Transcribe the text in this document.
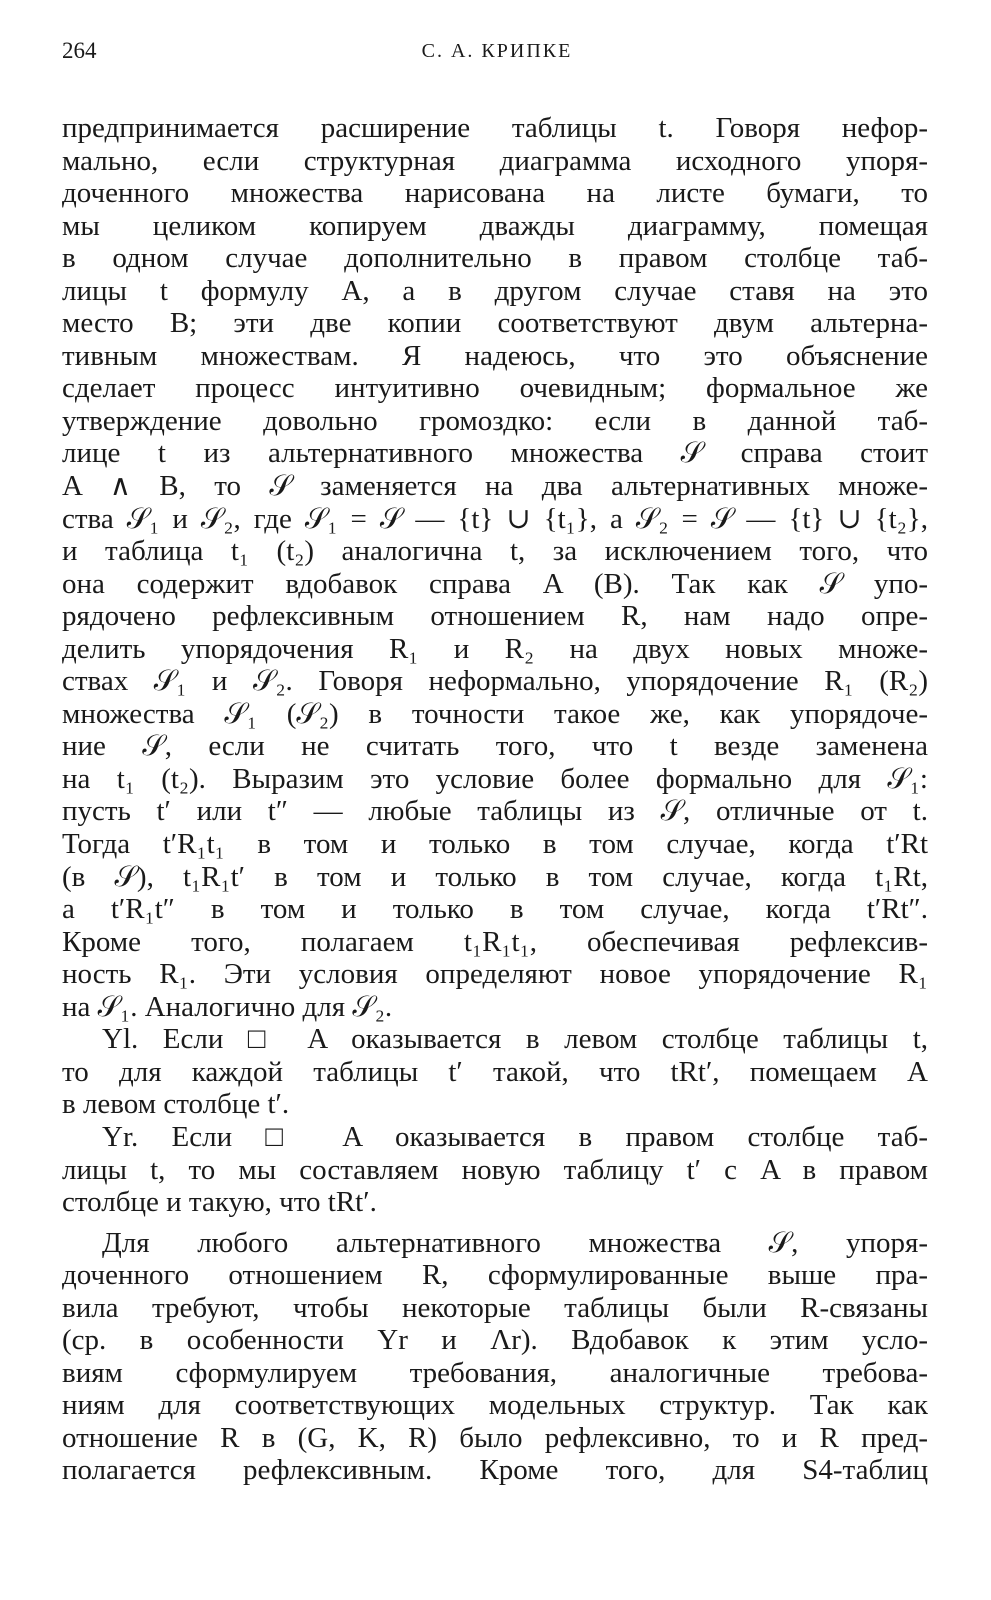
264	С. А. КРИПКЕ
предпринимается расширение таблицы t. Говоря нефор-
мально, если структурная диаграмма исходного упоря-
доченного множества нарисована на листе бумаги, то
мы целиком копируем дважды диаграмму, помещая
в одном случае дополнительно в правом столбце таб-
лицы t формулу A, а в другом случае ставя на это
место B; эти две копии соответствуют двум альтерна-
тивным множествам. Я надеюсь, что это объяснение
сделает процесс интуитивно очевидным; формальное же
утверждение довольно громоздко: если в данной таб-
лице t из альтернативного множества 𝒮 справа стоит
A ∧ B, то 𝒮 заменяется на два альтернативных множе-
ства 𝒮₁ и 𝒮₂, где 𝒮₁ = 𝒮 — {t} ∪ {t₁}, а 𝒮₂ = 𝒮 — {t} ∪ {t₂},
и таблица t₁ (t₂) аналогична t, за исключением того, что
она содержит вдобавок справа A (B). Так как 𝒮 упо-
рядочено рефлексивным отношением R, нам надо опре-
делить упорядочения R₁ и R₂ на двух новых множе-
ствах 𝒮₁ и 𝒮₂. Говоря неформально, упорядочение R₁ (R₂)
множества 𝒮₁ (𝒮₂) в точности такое же, как упорядоче-
ние 𝒮, если не считать того, что t везде заменена
на t₁ (t₂). Выразим это условие более формально для 𝒮₁:
пусть t′ или t″ — любые таблицы из 𝒮, отличные от t.
Тогда t′R₁t₁ в том и только в том случае, когда t′Rt
(в 𝒮), t₁R₁t′ в том и только в том случае, когда t₁Rt,
а t′R₁t″ в том и только в том случае, когда t′Rt″.
Кроме того, полагаем t₁R₁t₁, обеспечивая рефлексив-
ность R₁. Эти условия определяют новое упорядочение R₁
на 𝒮₁. Аналогично для 𝒮₂.
Yl. Если □ A оказывается в левом столбце таблицы t,
то для каждой таблицы t′ такой, что tRt′, помещаем A
в левом столбце t′.
Yr. Если □ A оказывается в правом столбце таб-
лицы t, то мы составляем новую таблицу t′ с A в правом
столбце и такую, что tRt′.
Для любого альтернативного множества 𝒮, упоря-
доченного отношением R, сформулированные выше пра-
вила требуют, чтобы некоторые таблицы были R-связаны
(ср. в особенности Yr и Λr). Вдобавок к этим усло-
виям сформулируем требования, аналогичные требова-
ниям для соответствующих модельных структур. Так как
отношение R в (G, K, R) было рефлексивно, то и R пред-
полагается рефлексивным. Кроме того, для S4-таблиц
